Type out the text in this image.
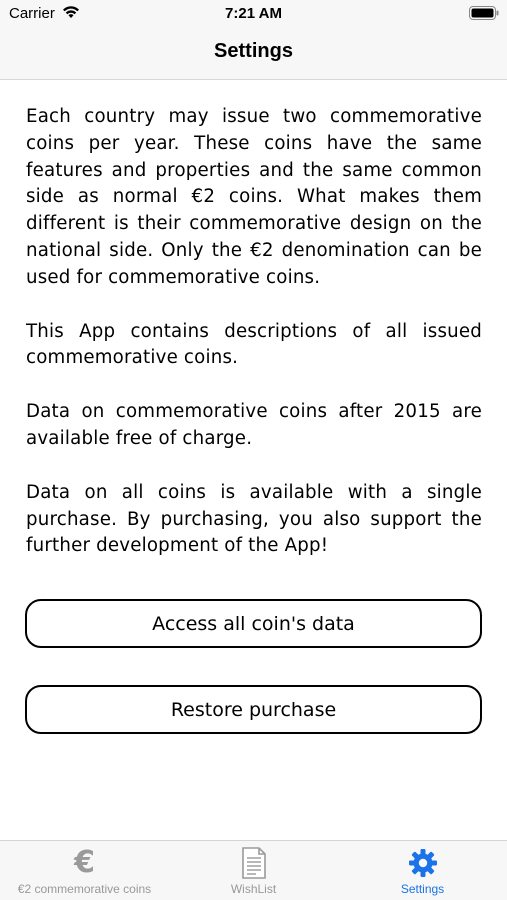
Carrier	7:21 AM
Settings

Each country may issue two commemorative coins per year. These coins have the same features and properties and the same common side as normal €2 coins. What makes them different is their commemorative design on the national side. Only the €2 denomination can be used for commemorative coins.

This App contains descriptions of all issued commemorative coins.

Data on commemorative coins after 2015 are available free of charge.

Data on all coins is available with a single purchase. By purchasing, you also support the further development of the App!

Access all coin's data
Restore purchase
€
€2 commemorative coins	WishList	Settings
